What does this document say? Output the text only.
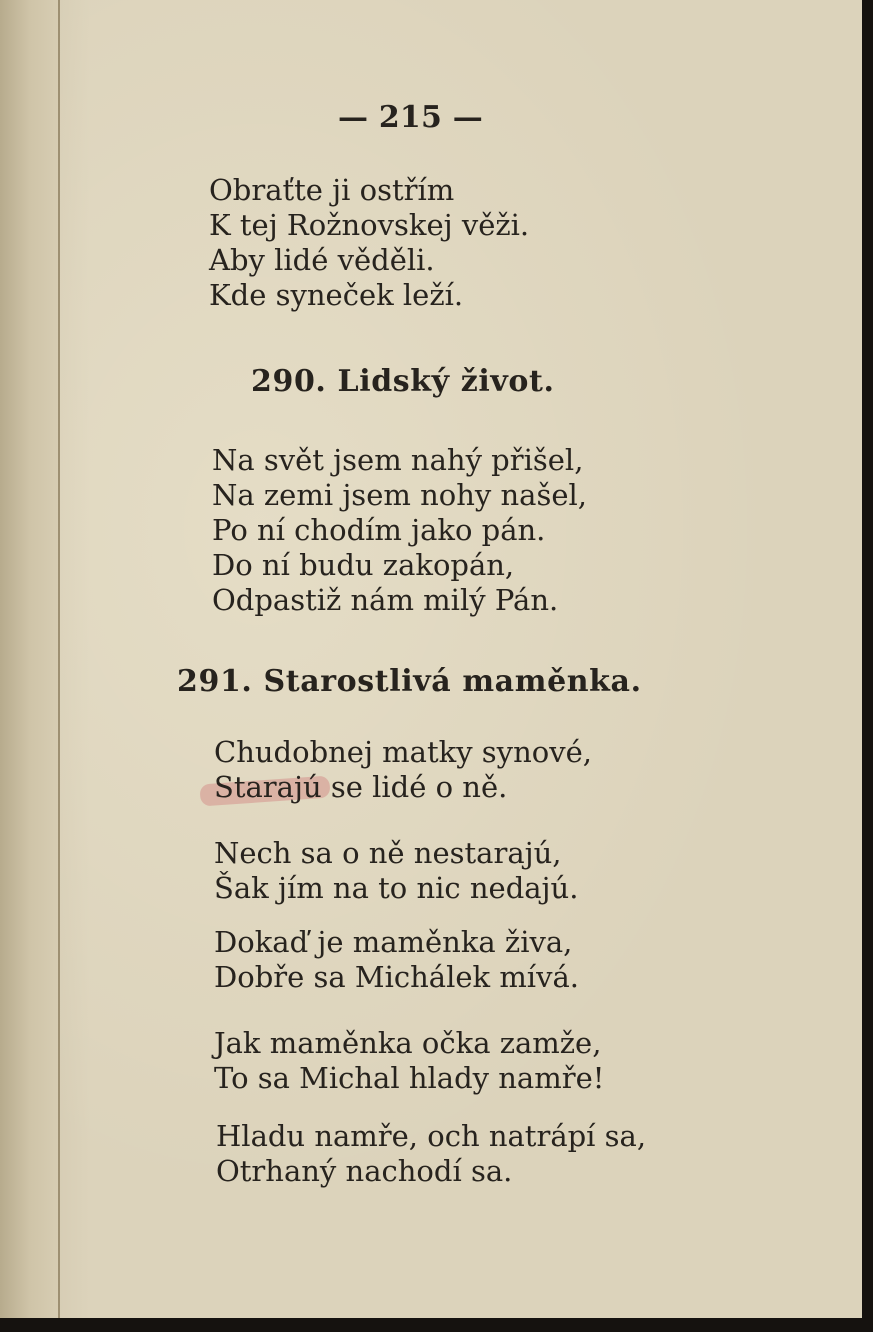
— 215 —

Obraťte ji ostřím
K tej Rožnovskej věži.
Aby lidé věděli.
Kde syneček leží.

290. Lidský život.

Na svět jsem nahý přišel,
Na zemi jsem nohy našel,
Po ní chodím jako pán.
Do ní budu zakopán,
Odpastiž nám milý Pán.

291. Starostlivá maměnka.

Chudobnej matky synové,
Starajú se lidé o ně.
Nech sa o ně nestarajú,
Šak jím na to nic nedajú.
Dokaď je maměnka živa,
Dobře sa Michálek mívá.
Jak maměnka očka zamže,
To sa Michal hlady namře!
Hladu namře, och natrápí sa,
Otrhaný nachodí sa.
